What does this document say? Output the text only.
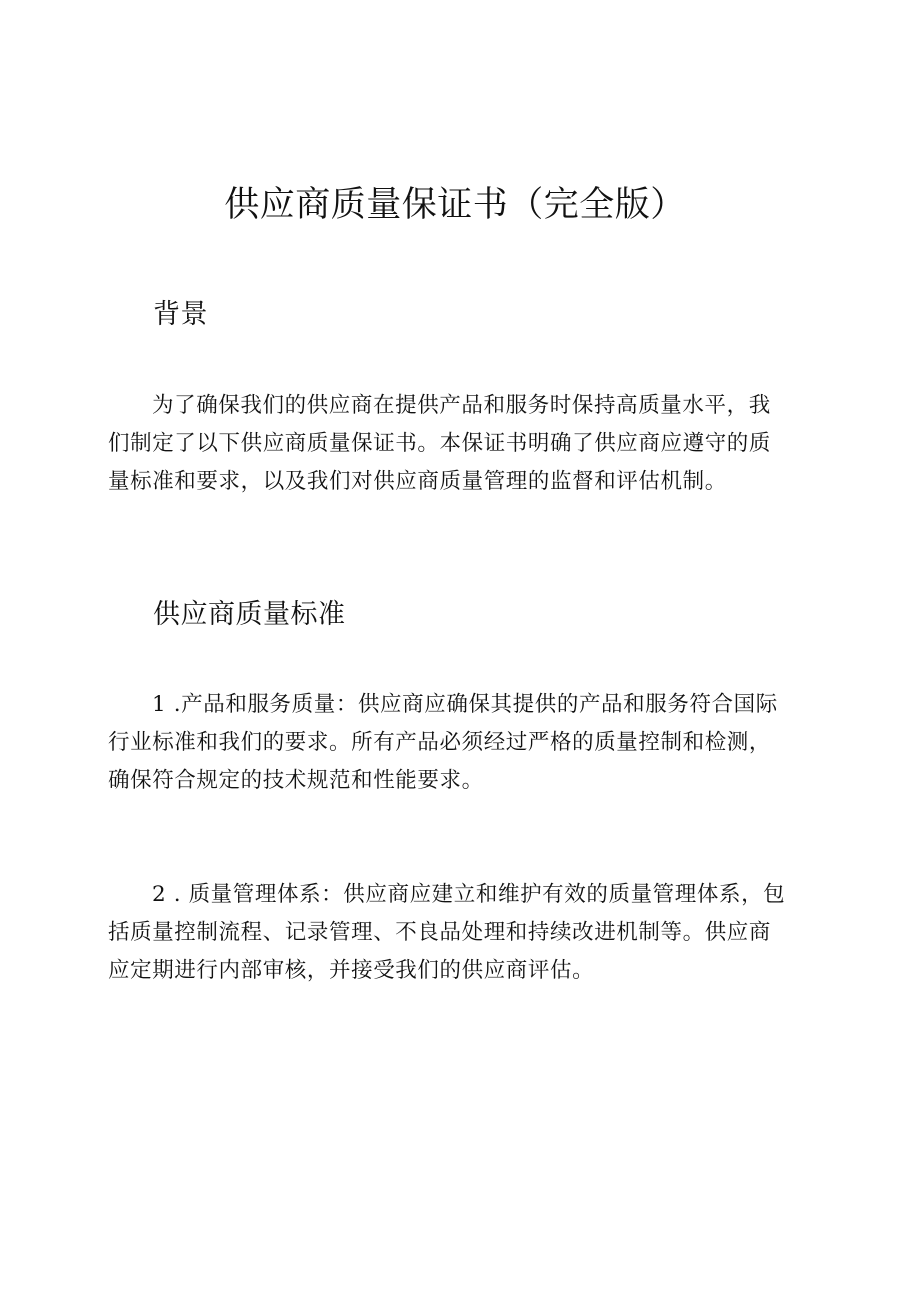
供应商质量保证书（完全版）
背景

为了确保我们的供应商在提供产品和服务时保持高质量水平，我
们制定了以下供应商质量保证书。本保证书明确了供应商应遵守的质
量标准和要求，以及我们对供应商质量管理的监督和评估机制。

供应商质量标准

1 .产品和服务质量：供应商应确保其提供的产品和服务符合国际
行业标准和我们的要求。所有产品必须经过严格的质量控制和检测，
确保符合规定的技术规范和性能要求。

2 . 质量管理体系：供应商应建立和维护有效的质量管理体系，包
括质量控制流程、记录管理、不良品处理和持续改进机制等。供应商
应定期进行内部审核，并接受我们的供应商评估。
